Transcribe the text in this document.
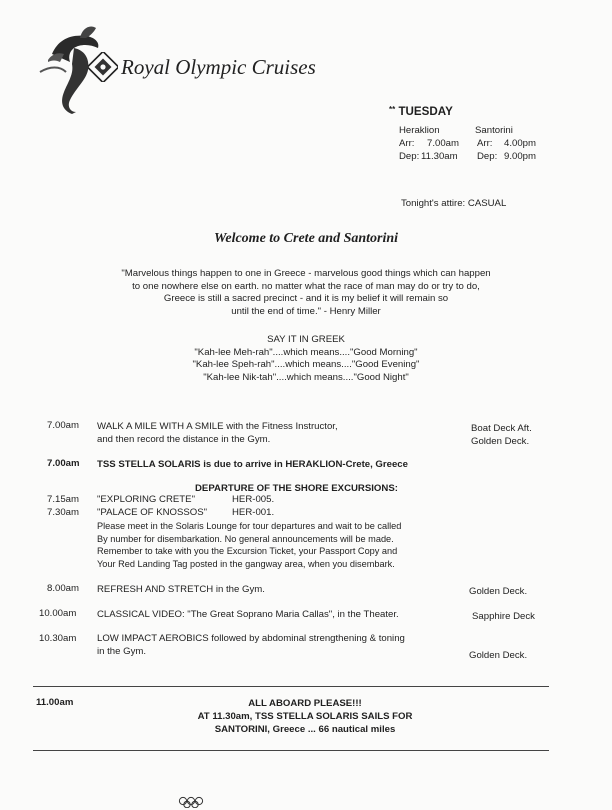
Royal Olympic Cruises
** TUESDAY
Heraklion	Santorini
Arr: 7.00am Arr: 4.00pm
Dep: 11.30am Dep: 9.00pm
Tonight's attire: CASUAL
Welcome to Crete and Santorini
"Marvelous things happen to one in Greece - marvelous good things which can happen
to one nowhere else on earth. no matter what the race of man may do or try to do,
Greece is still a sacred precinct - and it is my belief it will remain so
until the end of time." - Henry Miller
SAY IT IN GREEK
"Kah-lee Meh-rah"....which means...."Good Morning"
"Kah-lee Speh-rah"....which means...."Good Evening"
"Kah-lee Nik-tah"....which means...."Good Night"
7.00am WALK A MILE WITH A SMILE with the Fitness Instructor,
and then record the distance in the Gym.
Boat Deck Aft.
Golden Deck.
7.00am TSS STELLA SOLARIS is due to arrive in HERAKLION-Crete, Greece
DEPARTURE OF THE SHORE EXCURSIONS:
7.15am "EXPLORING CRETE"	HER-005.
7.30am "PALACE OF KNOSSOS"	HER-001.
Please meet in the Solaris Lounge for tour departures and wait to be called
By number for disembarkation. No general announcements will be made.
Remember to take with you the Excursion Ticket, your Passport Copy and
Your Red Landing Tag posted in the gangway area, when you disembark.
8.00am REFRESH AND STRETCH in the Gym.	Golden Deck.
10.00am CLASSICAL VIDEO: "The Great Soprano Maria Callas", in the Theater.	Sapphire Deck
10.30am LOW IMPACT AEROBICS followed by abdominal strengthening & toning
in the Gym.	Golden Deck.
11.00am	ALL ABOARD PLEASE!!!
AT 11.30am, TSS STELLA SOLARIS SAILS FOR
SANTORINI, Greece ... 66 nautical miles
